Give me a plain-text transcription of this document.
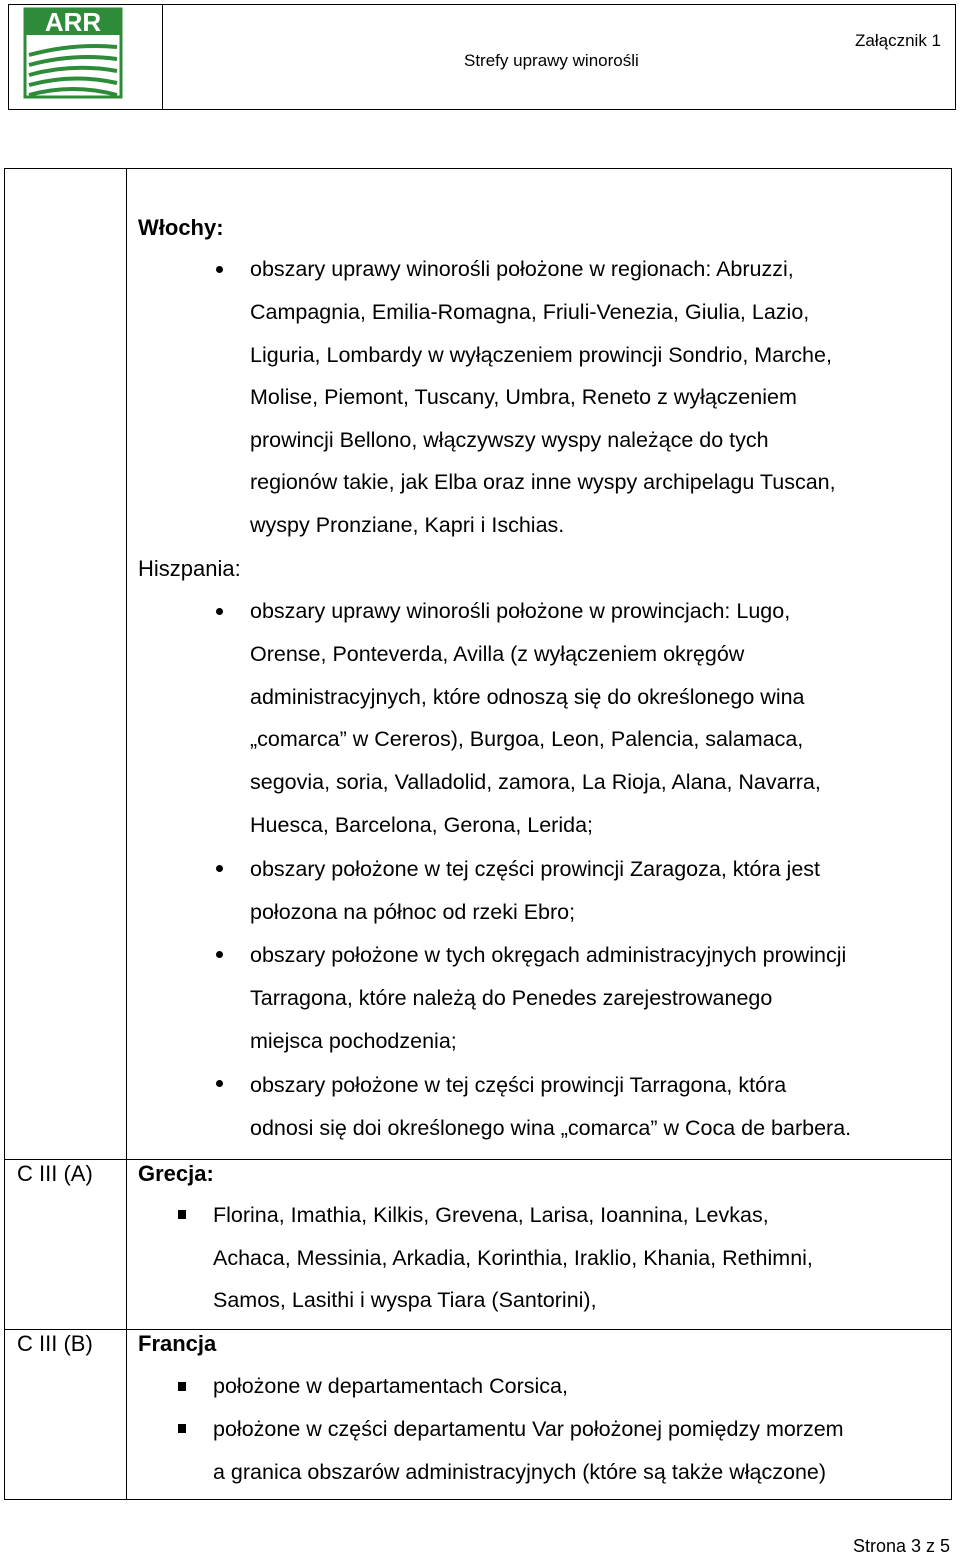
ARR
Strefy uprawy winorośli
Załącznik 1
Włochy:
obszary uprawy winorośli położone w regionach: Abruzzi,
Campagnia, Emilia-Romagna, Friuli-Venezia, Giulia, Lazio,
Liguria, Lombardy w wyłączeniem prowincji Sondrio, Marche,
Molise, Piemont, Tuscany, Umbra, Reneto z wyłączeniem
prowincji Bellono, włączywszy wyspy należące do tych
regionów takie, jak Elba oraz inne wyspy archipelagu Tuscan,
wyspy Pronziane, Kapri i Ischias.
Hiszpania:
obszary uprawy winorośli położone w prowincjach: Lugo,
Orense, Ponteverda, Avilla (z wyłączeniem okręgów
administracyjnych, które odnoszą się do określonego wina
„comarca” w Cereros), Burgoa, Leon, Palencia, salamaca,
segovia, soria, Valladolid, zamora, La Rioja, Alana, Navarra,
Huesca, Barcelona, Gerona, Lerida;
obszary położone w tej części prowincji Zaragoza, która jest
połozona na północ od rzeki Ebro;
obszary położone w tych okręgach administracyjnych prowincji
Tarragona, które należą do Penedes zarejestrowanego
miejsca pochodzenia;
obszary położone w tej części prowincji Tarragona, która
odnosi się doi określonego wina „comarca” w Coca de barbera.
C III (A) Grecja:
Florina, Imathia, Kilkis, Grevena, Larisa, Ioannina, Levkas,
Achaca, Messinia, Arkadia, Korinthia, Iraklio, Khania, Rethimni,
Samos, Lasithi i wyspa Tiara (Santorini),
C III (B) Francja
położone w departamentach Corsica,
położone w części departamentu Var położonej pomiędzy morzem
a granica obszarów administracyjnych (które są także włączone)
Strona 3 z 5
